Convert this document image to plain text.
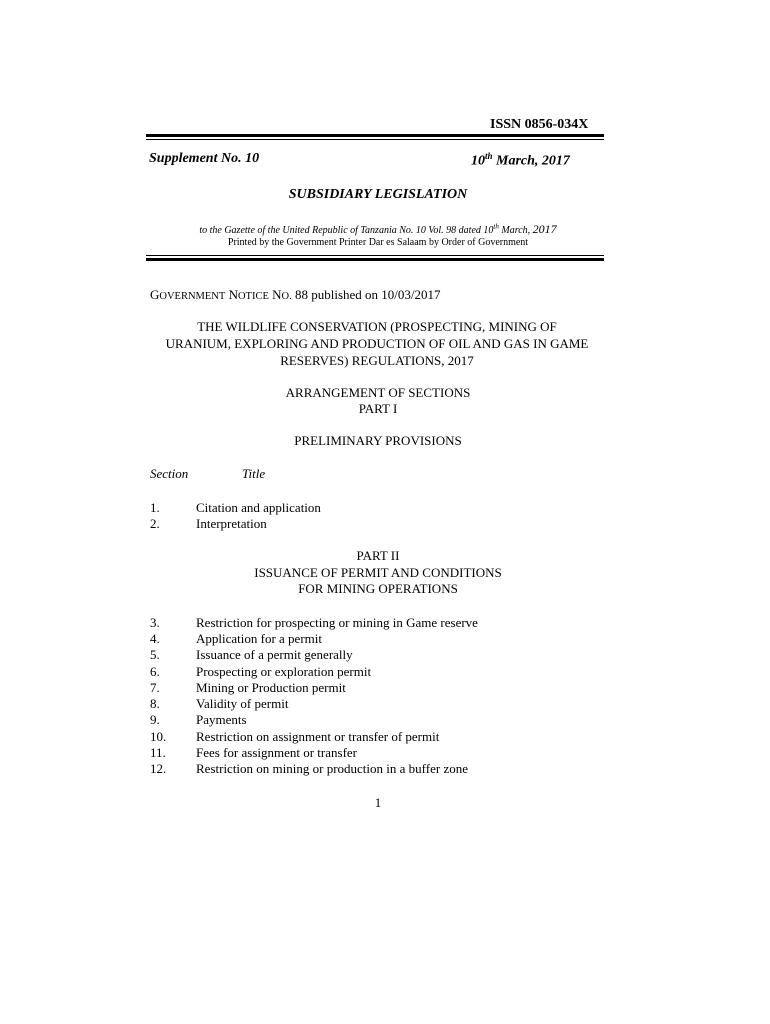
ISSN 0856-034X
Supplement No. 10	10th March, 2017
SUBSIDIARY LEGISLATION
to the Gazette of the United Republic of Tanzania No. 10 Vol. 98 dated 10th March, 2017
Printed by the Government Printer Dar es Salaam by Order of Government
GOVERNMENT NOTICE NO. 88 published on 10/03/2017
THE WILDLIFE CONSERVATION (PROSPECTING, MINING OF
URANIUM, EXPLORING AND PRODUCTION OF OIL AND GAS IN GAME
RESERVES) REGULATIONS, 2017
ARRANGEMENT OF SECTIONS
PART I
PRELIMINARY PROVISIONS
Section	Title
1.	Citation and application
2.	Interpretation
PART II
ISSUANCE OF PERMIT AND CONDITIONS
FOR MINING OPERATIONS
3.	Restriction for prospecting or mining in Game reserve
4.	Application for a permit
5.	Issuance of a permit generally
6.	Prospecting or exploration permit
7.	Mining or Production permit
8.	Validity of permit
9.	Payments
10. Restriction on assignment or transfer of permit
11. Fees for assignment or transfer
12. Restriction on mining or production in a buffer zone
1
